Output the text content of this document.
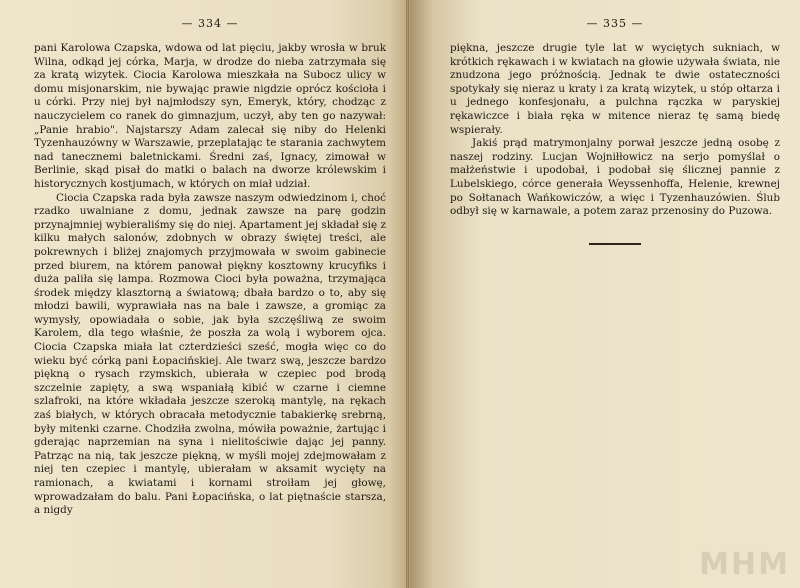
— 334 —

pani Karolowa Czapska, wdowa od lat pięciu, jakby wrosła w bruk Wilna, odkąd jej córka, Marja, w drodze do nieba zatrzymała się za kratą wizytek. Ciocia Karolowa mieszkała na Subocz ulicy w domu misjonarskim, nie bywając prawie nigdzie oprócz kościoła i u córki. Przy niej był najmłodszy syn, Emeryk, który, chodząc z nauczycielem co ranek do gimnazjum, uczył, aby ten go nazywał: „Panie hrabio". Najstarszy Adam zalecał się niby do Helenki Tyzenhauzówny w Warszawie, przeplatając te starania zachwytem nad tanecznemi baletnickami. Średni zaś, Ignacy, zimował w Berlinie, skąd pisał do matki o balach na dworze królewskim i historycznych kostjumach, w których on miał udział.

Ciocia Czapska rada była zawsze naszym odwiedzinom i, choć rzadko uwalniane z domu, jednak zawsze na parę godzin przynajmniej wybieraliśmy się do niej. Apartament jej składał się z kilku małych salonów, zdobnych w obrazy świętej treści, ale pokrewnych i bliżej znajomych przyjmowała w swoim gabinecie przed biurem, na którem panował piękny kosztowny krucyfiks i duża paliła się lampa. Rozmowa Cioci była poważna, trzymająca środek między klasztorną a światową; dbała bardzo o to, aby się młodzi bawili, wyprawiała nas na bale i zawsze, a gromiąc za wymysły, opowiadała o sobie, jak była szczęśliwą ze swoim Karolem, dla tego właśnie, że poszła za wolą i wyborem ojca. Ciocia Czapska miała lat czterdzieści sześć, mogła więc co do wieku być córką pani Łopacińskiej. Ale twarz swą, jeszcze bardzo piękną o rysach rzymskich, ubierała w czepiec pod brodą szczelnie zapięty, a swą wspaniałą kibić w czarne i ciemne szlafroki, na które wkładała jeszcze szeroką mantylę, na rękach zaś białych, w których obracała metodycznie tabakierkę srebrną, były mitenki czarne. Chodziła zwolna, mówiła poważnie, żartując i gderając naprzemian na syna i nielitościwie dając jej panny. Patrząc na nią, tak jeszcze piękną, w myśli mojej zdejmowałam z niej ten czepiec i mantylę, ubierałam w aksamit wycięty na ramionach, a kwiatami i kornami stroiłam jej głowę, wprowadzałam do balu. Pani Łopacińska, o lat piętnaście starsza, a nigdy

— 335 —

piękna, jeszcze drugie tyle lat w wyciętych sukniach, w krótkich rękawach i w kwiatach na głowie używała świata, nie znudzona jego próżnością. Jednak te dwie ostateczności spotykały się nieraz u kraty i za kratą wizytek, u stóp ołtarza i u jednego konfesjonału, a pulchna rączka w paryskiej rękawiczce i biała ręka w mitence nieraz tę samą biedę wspierały.

Jakiś prąd matrymonjalny porwał jeszcze jedną osobę z naszej rodziny. Lucjan Wojniłłowicz na serjo pomyślał o małżeństwie i upodobał, i podobał się ślicznej pannie z Lubelskiego, córce generała Weyssenhoffa, Helenie, krewnej po Sołtanach Wańkowiczów, a więc i Tyzenhauzówien. Ślub odbył się w karnawale, a potem zaraz przenosiny do Puzowa.

MHM
